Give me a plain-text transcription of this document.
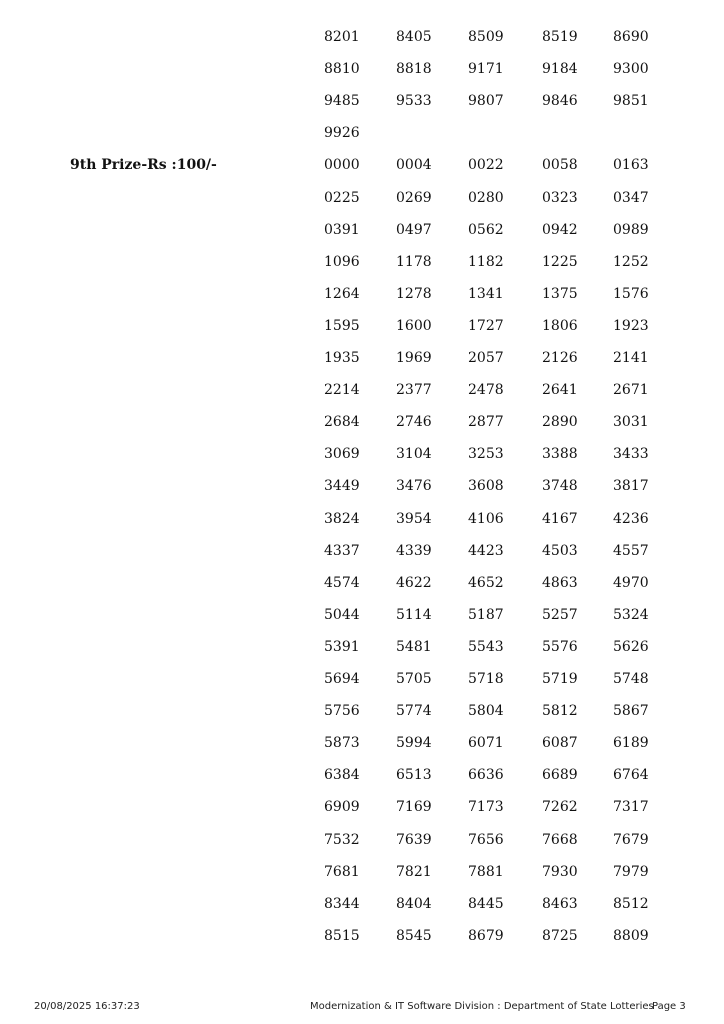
9th Prize-Rs :100/-
8201	8405	8509	8519	8690
8810	8818	9171	9184	9300
9485	9533	9807	9846	9851
9926
0000	0004	0022	0058	0163
0225	0269	0280	0323	0347
0391	0497	0562	0942	0989
1096	1178	1182	1225	1252
1264	1278	1341	1375	1576
1595	1600	1727	1806	1923
1935	1969	2057	2126	2141
2214	2377	2478	2641	2671
2684	2746	2877	2890	3031
3069	3104	3253	3388	3433
3449	3476	3608	3748	3817
3824	3954	4106	4167	4236
4337	4339	4423	4503	4557
4574	4622	4652	4863	4970
5044	5114	5187	5257	5324
5391	5481	5543	5576	5626
5694	5705	5718	5719	5748
5756	5774	5804	5812	5867
5873	5994	6071	6087	6189
6384	6513	6636	6689	6764
6909	7169	7173	7262	7317
7532	7639	7656	7668	7679
7681	7821	7881	7930	7979
8344	8404	8445	8463	8512
8515	8545	8679	8725	8809
20/08/2025 16:37:23	Modernization & IT Software Division : Department of State Lotteries
Page 3
